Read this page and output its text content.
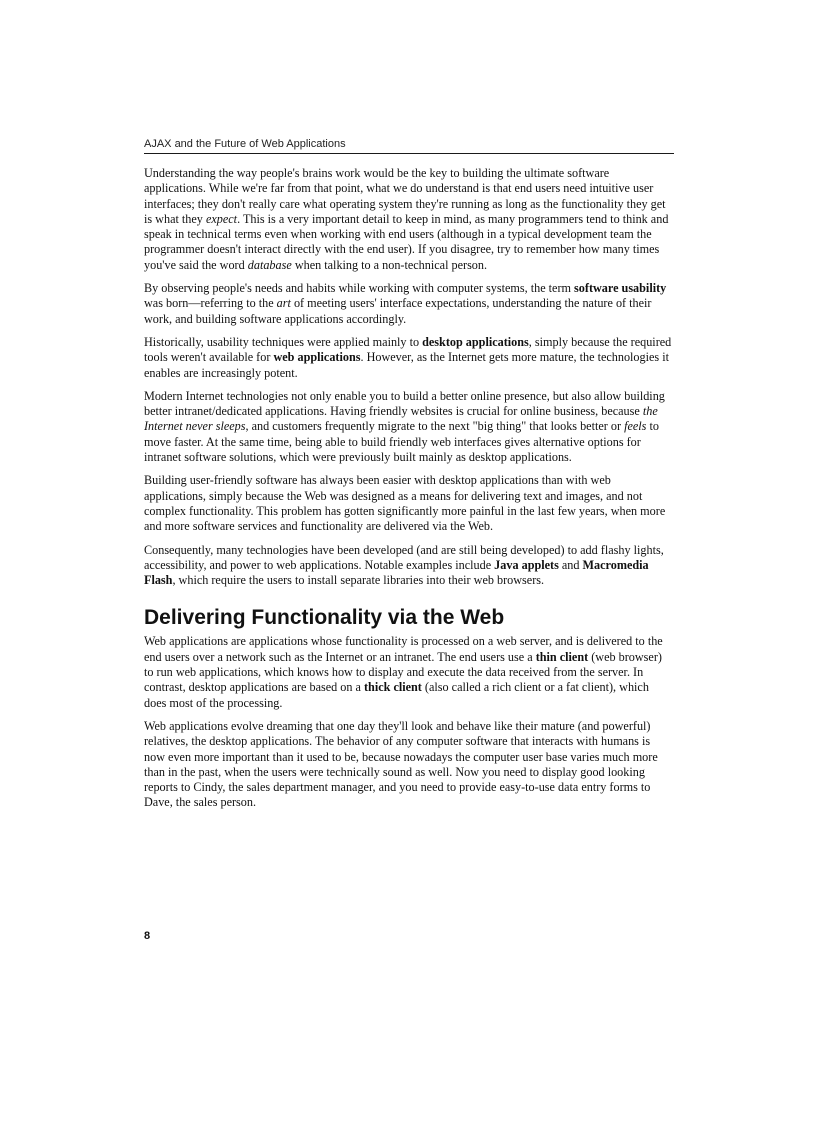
AJAX and the Future of Web Applications

Understanding the way people's brains work would be the key to building the ultimate software applications. While we're far from that point, what we do understand is that end users need intuitive user interfaces; they don't really care what operating system they're running as long as the functionality they get is what they expect. This is a very important detail to keep in mind, as many programmers tend to think and speak in technical terms even when working with end users (although in a typical development team the programmer doesn't interact directly with the end user). If you disagree, try to remember how many times you've said the word database when talking to a non-technical person.

By observing people's needs and habits while working with computer systems, the term software usability was born—referring to the art of meeting users' interface expectations, understanding the nature of their work, and building software applications accordingly.

Historically, usability techniques were applied mainly to desktop applications, simply because the required tools weren't available for web applications. However, as the Internet gets more mature, the technologies it enables are increasingly potent.

Modern Internet technologies not only enable you to build a better online presence, but also allow building better intranet/dedicated applications. Having friendly websites is crucial for online business, because the Internet never sleeps, and customers frequently migrate to the next "big thing" that looks better or feels to move faster. At the same time, being able to build friendly web interfaces gives alternative options for intranet software solutions, which were previously built mainly as desktop applications.

Building user-friendly software has always been easier with desktop applications than with web applications, simply because the Web was designed as a means for delivering text and images, and not complex functionality. This problem has gotten significantly more painful in the last few years, when more and more software services and functionality are delivered via the Web.

Consequently, many technologies have been developed (and are still being developed) to add flashy lights, accessibility, and power to web applications. Notable examples include Java applets and Macromedia Flash, which require the users to install separate libraries into their web browsers.

Delivering Functionality via the Web

Web applications are applications whose functionality is processed on a web server, and is delivered to the end users over a network such as the Internet or an intranet. The end users use a thin client (web browser) to run web applications, which knows how to display and execute the data received from the server. In contrast, desktop applications are based on a thick client (also called a rich client or a fat client), which does most of the processing.

Web applications evolve dreaming that one day they'll look and behave like their mature (and powerful) relatives, the desktop applications. The behavior of any computer software that interacts with humans is now even more important than it used to be, because nowadays the computer user base varies much more than in the past, when the users were technically sound as well. Now you need to display good looking reports to Cindy, the sales department manager, and you need to provide easy-to-use data entry forms to Dave, the sales person.

8
